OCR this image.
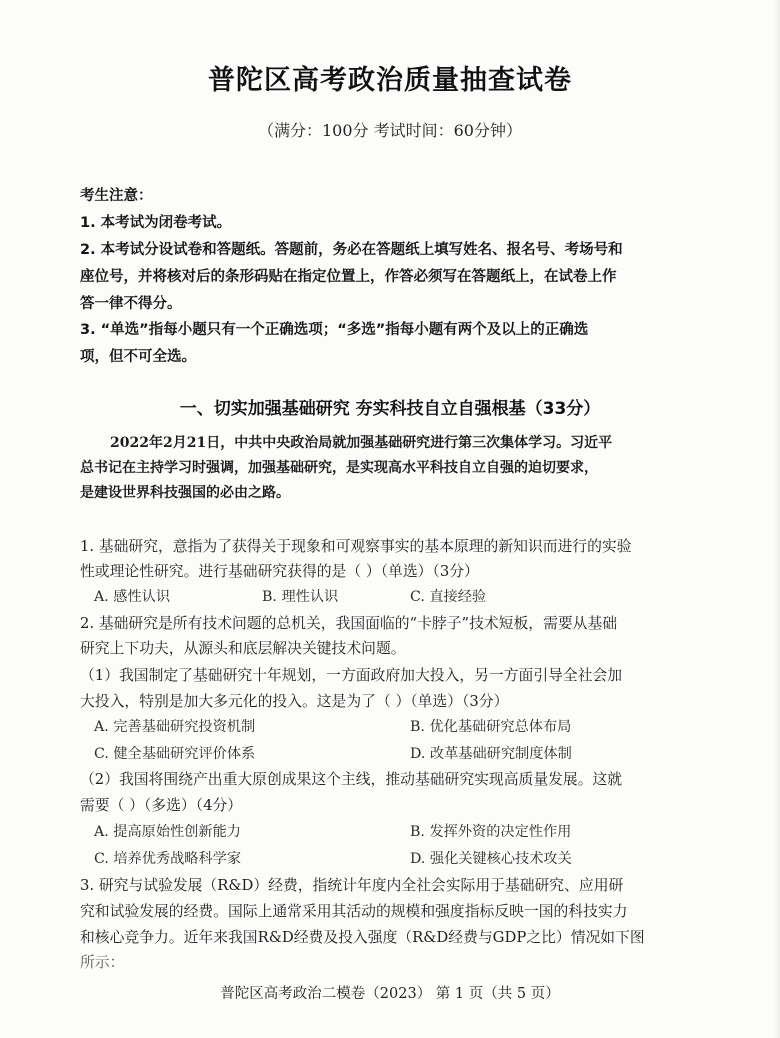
普陀区高考政治质量抽查试卷
（满分：100分 考试时间：60分钟）
考生注意：
1. 本考试为闭卷考试。
2. 本考试分设试卷和答题纸。答题前，务必在答题纸上填写姓名、报名号、考场号和
座位号，并将核对后的条形码贴在指定位置上，作答必须写在答题纸上，在试卷上作
答一律不得分。
3. “单选”指每小题只有一个正确选项；“多选”指每小题有两个及以上的正确选
项，但不可全选。
一、切实加强基础研究 夯实科技自立自强根基（33分）
2022年2月21日，中共中央政治局就加强基础研究进行第三次集体学习。习近平
总书记在主持学习时强调，加强基础研究，是实现高水平科技自立自强的迫切要求，
是建设世界科技强国的必由之路。
1. 基础研究，意指为了获得关于现象和可观察事实的基本原理的新知识而进行的实验
性或理论性研究。进行基础研究获得的是（ ）（单选）（3分）
A. 感性认识	B. 理性认识	C. 直接经验
2. 基础研究是所有技术问题的总机关，我国面临的“卡脖子”技术短板，需要从基础
研究上下功夫，从源头和底层解决关键技术问题。
（1）我国制定了基础研究十年规划，一方面政府加大投入，另一方面引导全社会加
大投入，特别是加大多元化的投入。这是为了（ ）（单选）（3分）
A. 完善基础研究投资机制	B. 优化基础研究总体布局
C. 健全基础研究评价体系	D. 改革基础研究制度体制
（2）我国将围绕产出重大原创成果这个主线，推动基础研究实现高质量发展。这就
需要（ ）（多选）（4分）
A. 提高原始性创新能力	B. 发挥外资的决定性作用
C. 培养优秀战略科学家	D. 强化关键核心技术攻关
3. 研究与试验发展（R&D）经费，指统计年度内全社会实际用于基础研究、应用研
究和试验发展的经费。国际上通常采用其活动的规模和强度指标反映一国的科技实力
和核心竞争力。近年来我国R&D经费及投入强度（R&D经费与GDP之比）情况如下图
所示：
普陀区高考政治二模卷（2023） 第 1 页（共 5 页）
